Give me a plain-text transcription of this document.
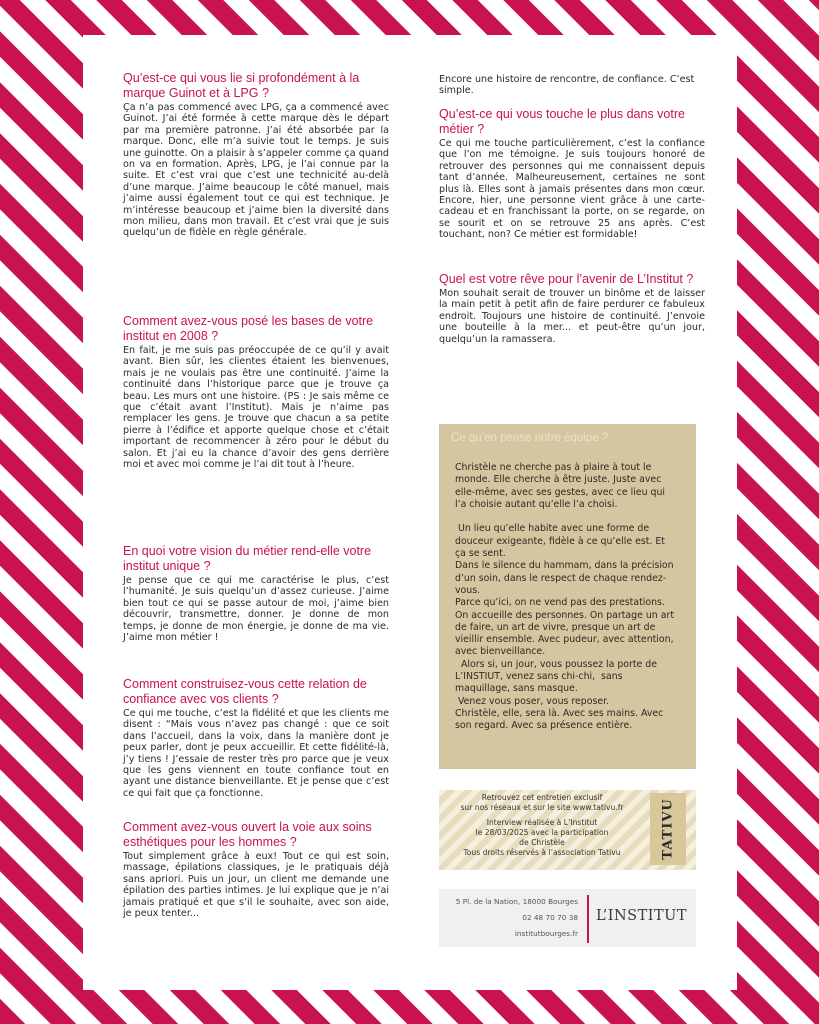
Qu’est-ce qui vous lie si profondément à la marque Guinot et à LPG ?

Ça n’a pas commencé avec LPG, ça a commencé avec Guinot. J’ai été formée à cette marque dès le départ par ma première patronne. J’ai été absorbée par la marque. Donc, elle m’a suivie tout le temps. Je suis une guinotte. On a plaisir à s’appeler comme ça quand on va en formation. Après, LPG, je l’ai connue par la suite. Et c’est vrai que c’est une technicité au-delà d’une marque. J’aime beaucoup le côté manuel, mais j’aime aussi également tout ce qui est technique. Je m’intéresse beaucoup et j’aime bien la diversité dans mon milieu, dans mon travail. Et c’est vrai que je suis quelqu’un de fidèle en règle générale.

Comment avez-vous posé les bases de votre institut en 2008 ?

En fait, je me suis pas préoccupée de ce qu’il y avait avant. Bien sûr, les clientes étaient les bienvenues, mais je ne voulais pas être une continuité. J’aime la continuité dans l’historique parce que je trouve ça beau. Les murs ont une histoire. (PS : Je sais même ce que c’était avant l’Institut). Mais je n’aime pas remplacer les gens. Je trouve que chacun a sa petite pierre à l’édifice et apporte quelque chose et c’était important de recommencer à zéro pour le début du salon. Et j’ai eu la chance d’avoir des gens derrière moi et avec moi comme je l’ai dit tout à l’heure.

En quoi votre vision du métier rend-elle votre institut unique ?

Je pense que ce qui me caractérise le plus, c’est l’humanité. Je suis quelqu’un d’assez curieuse. J’aime bien tout ce qui se passe autour de moi, j’aime bien découvrir, transmettre, donner. Je donne de mon temps, je donne de mon énergie, je donne de ma vie. J’aime mon métier !

Comment construisez-vous cette relation de confiance avec vos clients ?

Ce qui me touche, c’est la fidélité et que les clients me disent : “Mais vous n’avez pas changé : que ce soit dans l’accueil, dans la voix, dans la manière dont je peux parler, dont je peux accueillir. Et cette fidélité-là, j’y tiens ! J’essaie de rester très pro parce que je veux que les gens viennent en toute confiance tout en ayant une distance bienveillante. Et je pense que c’est ce qui fait que ça fonctionne.

Comment avez-vous ouvert la voie aux soins esthétiques pour les hommes ?

Tout simplement grâce à eux! Tout ce qui est soin, massage, épilations classiques, je le pratiquais déjà sans apriori. Puis un jour, un client me demande une épilation des parties intimes. Je lui explique que je n’ai jamais pratiqué et que s’il le souhaite, avec son aide, je peux tenter...

Encore une histoire de rencontre, de confiance. C’est simple.

Qu’est-ce qui vous touche le plus dans votre métier ?

Ce qui me touche particulièrement, c’est la confiance que l’on me témoigne. Je suis toujours honoré de retrouver des personnes qui me connaissent depuis tant d’année. Malheureusement, certaines ne sont plus là. Elles sont à jamais présentes dans mon cœur. Encore, hier, une personne vient grâce à une carte-cadeau et en franchissant la porte, on se regarde, on se sourit et on se retrouve 25 ans après. C’est touchant, non? Ce métier est formidable!

Quel est votre rêve pour l’avenir de L’Institut ?

Mon souhait serait de trouver un binôme et de laisser la main petit à petit afin de faire perdurer ce fabuleux endroit. Toujours une histoire de continuité. J’envoie une bouteille à la mer... et peut-être qu’un jour, quelqu’un la ramassera.

Ce qu’en pense notre équipe ?
Christèle ne cherche pas à plaire à tout le monde. Elle cherche à être juste. Juste avec elle-même, avec ses gestes, avec ce lieu qui l’a choisie autant qu’elle l’a choisi.

Un lieu qu’elle habite avec une forme de douceur exigeante, fidèle à ce qu’elle est. Et ça se sent.
Dans le silence du hammam, dans la précision d’un soin, dans le respect de chaque rendez-vous.
Parce qu’ici, on ne vend pas des prestations. On accueille des personnes. On partage un art de faire, un art de vivre, presque un art de vieillir ensemble. Avec pudeur, avec attention, avec bienveillance.
Alors si, un jour, vous poussez la porte de L’INSTIUT, venez sans chi-chi,  sans maquillage, sans masque.
Venez vous poser, vous reposer.
Christèle, elle, sera là. Avec ses mains. Avec son regard. Avec sa présence entière.

Retrouvez cet entretien exclusif

sur nos réseaux et sur le site www.tativu.fr

Interview réalisée à L’Institut

le 28/03/2025 avec la participation

de Christèle

Tous droits réservés à l’association Tativu	TATIVU
5 Pl. de la Nation, 18000 Bourges
02 48 70 70 38
institutbourges.fr
L’INSTITUT
